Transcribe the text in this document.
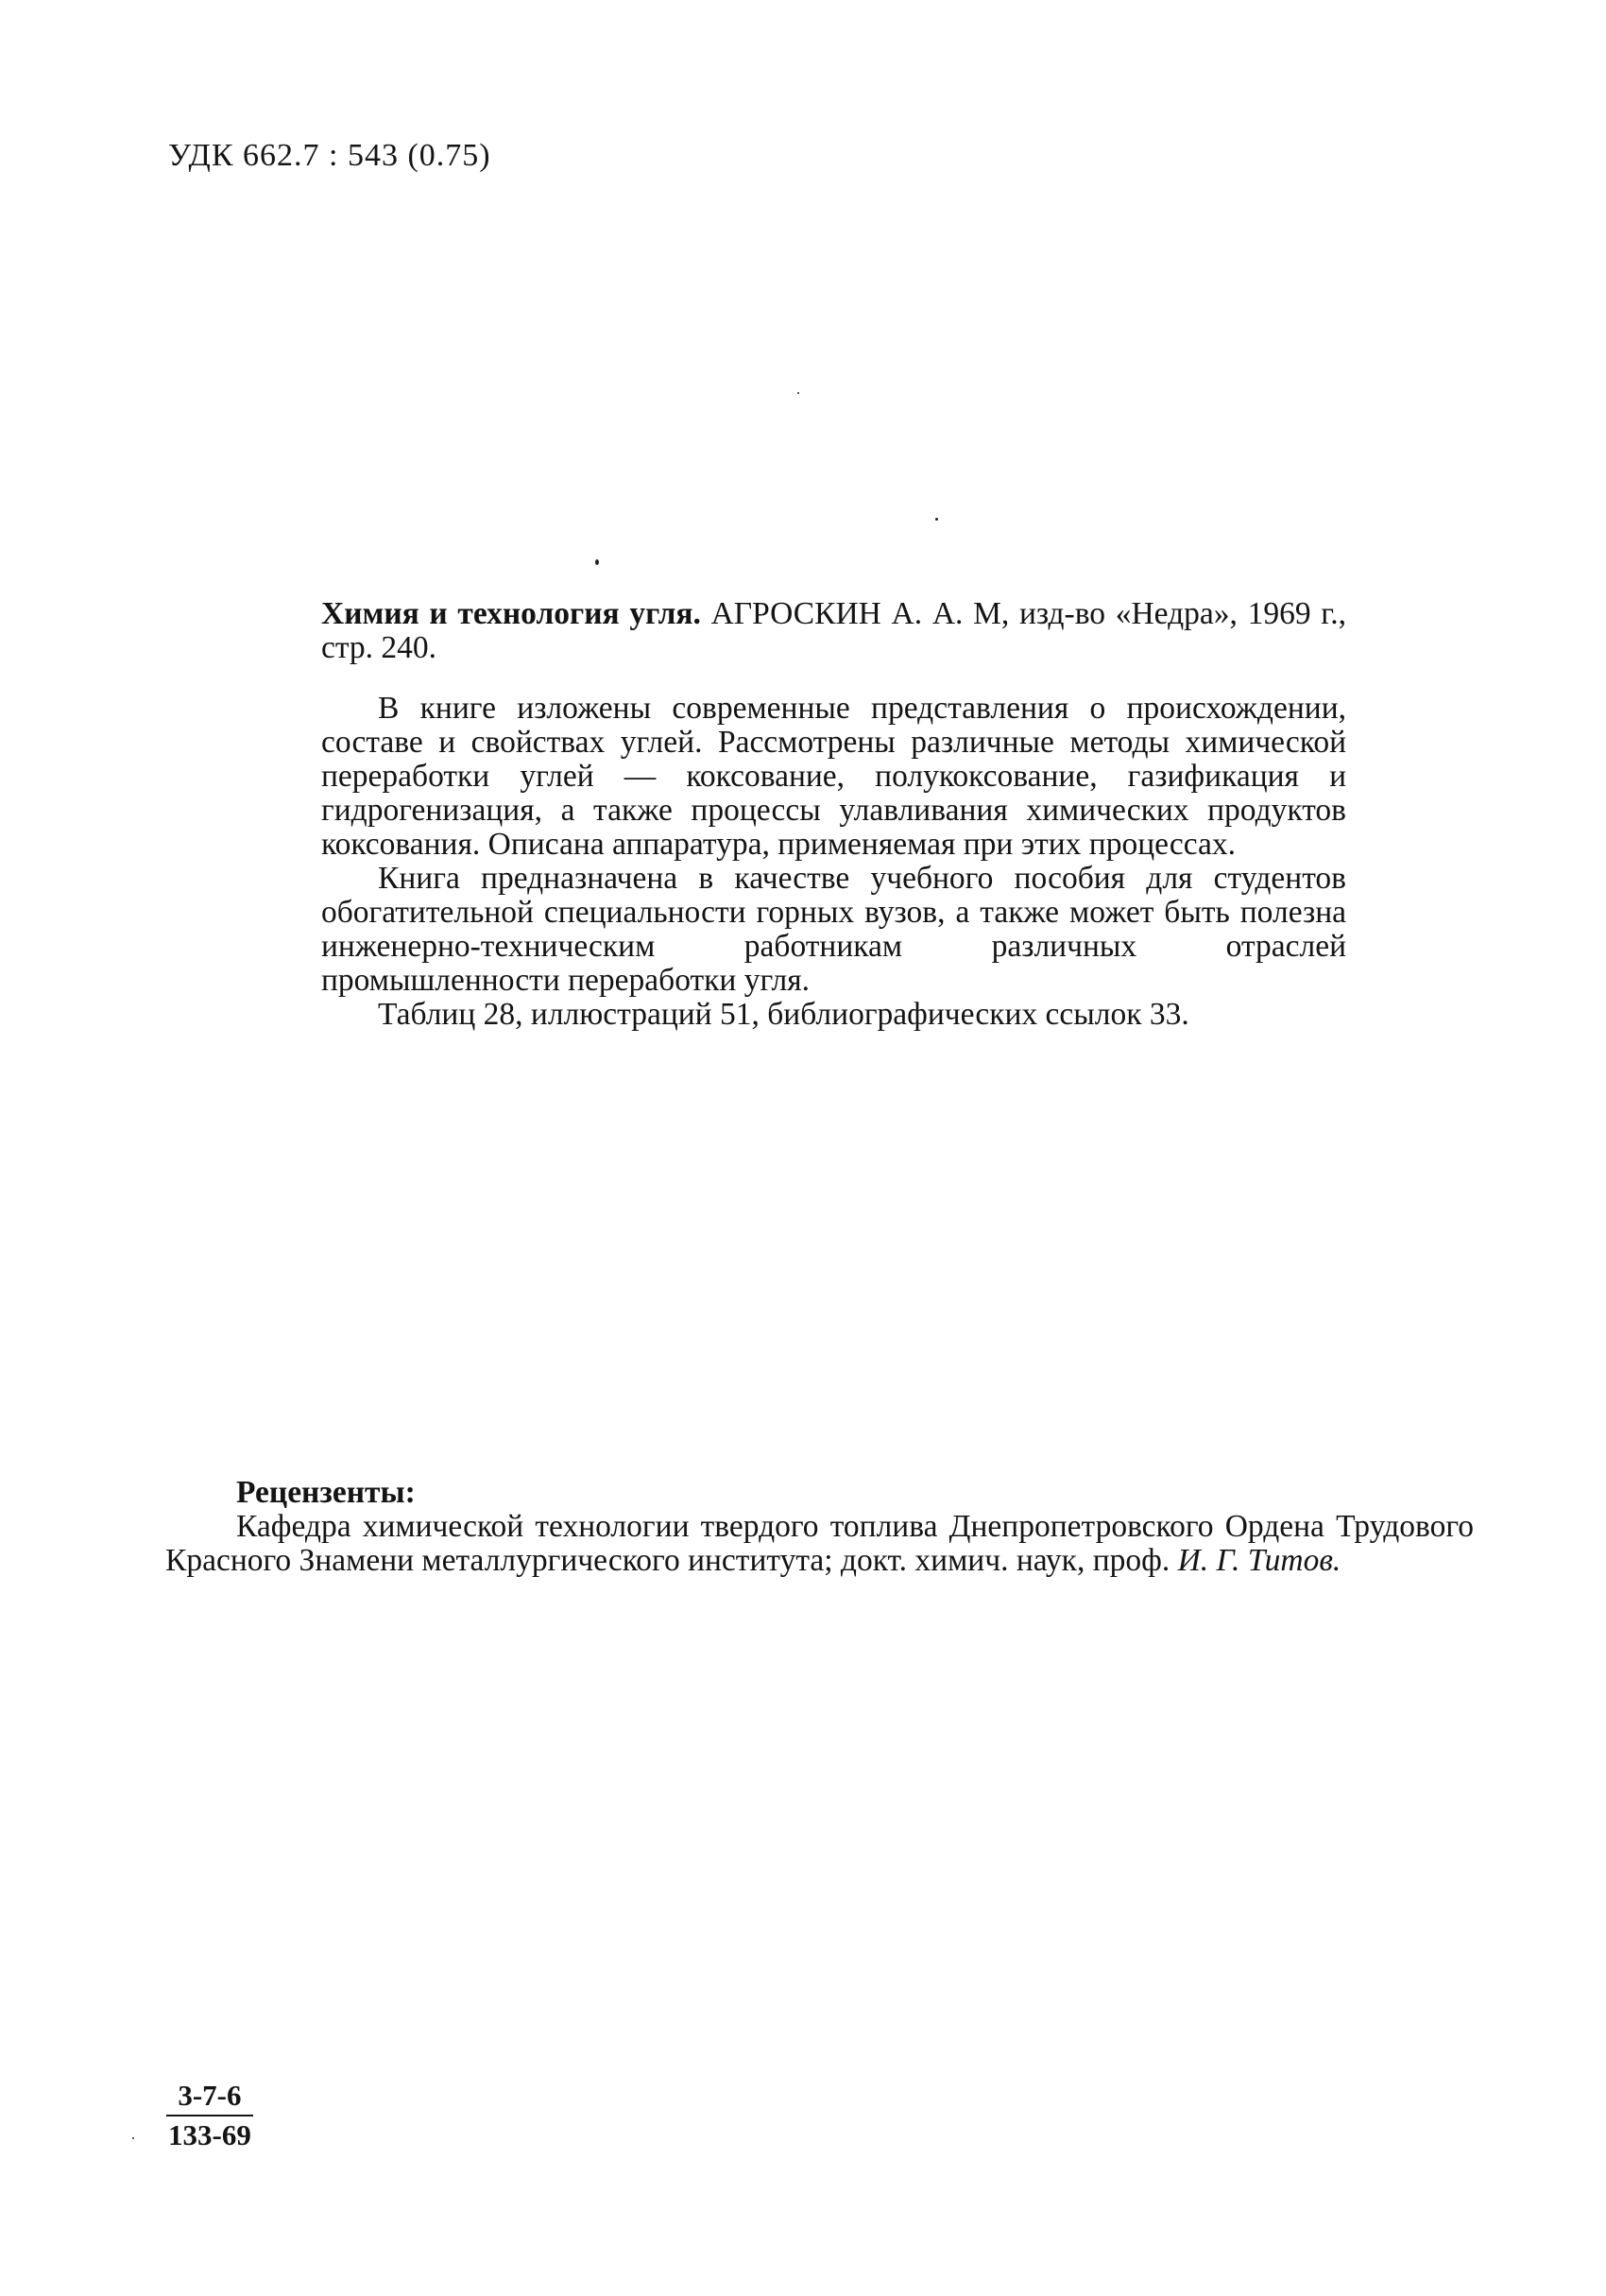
УДК 662.7 : 543 (0.75)

Химия и технология угля. АГРОСКИН А. А. М, изд-во «Недра», 1969 г., стр. 240.

В книге изложены современные представления о происхождении, составе и свойствах углей. Рассмотрены различные методы химической переработки углей — коксование, полукоксование, газификация и гидрогенизация, а также процессы улавливания химических продуктов коксования. Описана аппаратура, применяемая при этих процессах.

Книга предназначена в качестве учебного пособия для студентов обогатительной специальности горных вузов, а также может быть полезна инженерно-техническим работникам различных отраслей промышленности переработки угля.

Таблиц 28, иллюстраций 51, библиографических ссылок 33.

Рецензенты:

Кафедра химической технологии твердого топлива Днепропетровского Ордена Трудового Красного Знамени металлургического института; докт. химич. наук, проф. И. Г. Титов.

3-7-6
133-69
